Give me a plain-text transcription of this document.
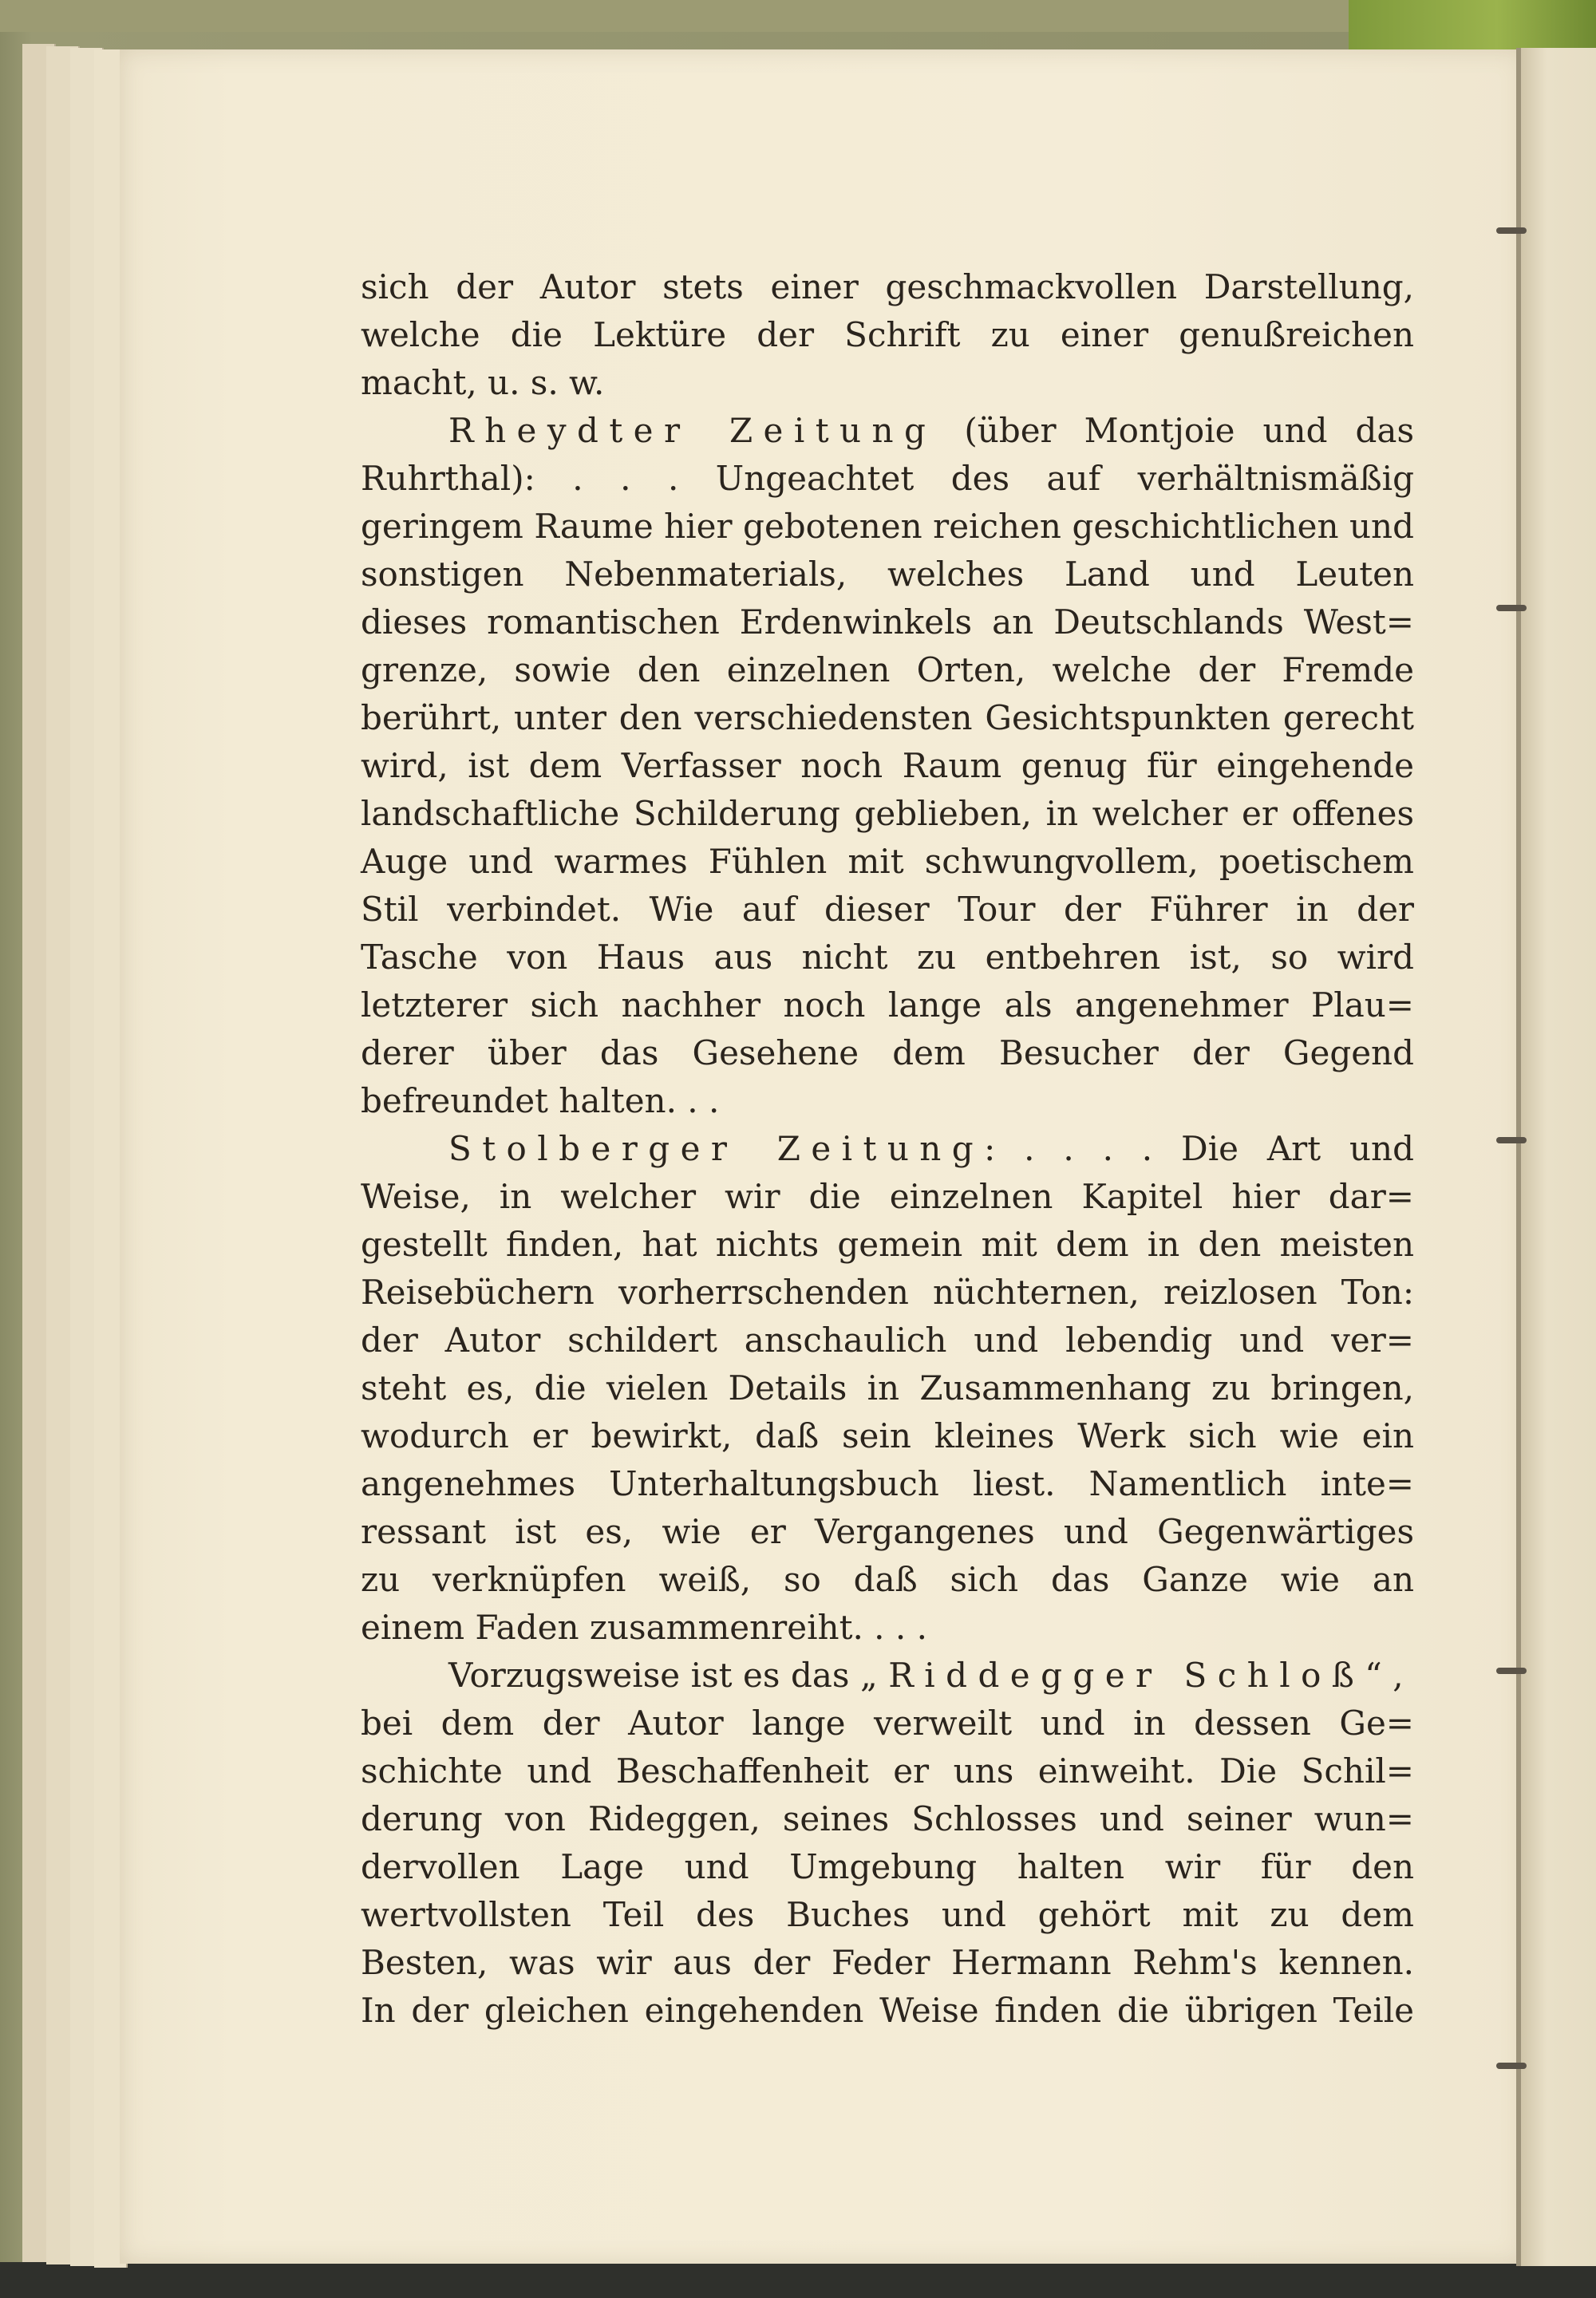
sich der Autor stets einer geschmackvollen Darstellung,
welche die Lektüre der Schrift zu einer genußreichen
macht, u. s. w.
Rheydter Zeitung (über Montjoie und das
Ruhrthal): . . . Ungeachtet des auf verhältnismäßig
geringem Raume hier gebotenen reichen geschichtlichen und
sonstigen Nebenmaterials, welches Land und Leuten
dieses romantischen Erdenwinkels an Deutschlands West=
grenze, sowie den einzelnen Orten, welche der Fremde
berührt, unter den verschiedensten Gesichtspunkten gerecht
wird, ist dem Verfasser noch Raum genug für eingehende
landschaftliche Schilderung geblieben, in welcher er offenes
Auge und warmes Fühlen mit schwungvollem, poetischem
Stil verbindet. Wie auf dieser Tour der Führer in der
Tasche von Haus aus nicht zu entbehren ist, so wird
letzterer sich nachher noch lange als angenehmer Plau=
derer über das Gesehene dem Besucher der Gegend
befreundet halten. . .
Stolberger Zeitung: . . . . Die Art und
Weise, in welcher wir die einzelnen Kapitel hier dar=
gestellt finden, hat nichts gemein mit dem in den meisten
Reisebüchern vorherrschenden nüchternen, reizlosen Ton:
der Autor schildert anschaulich und lebendig und ver=
steht es, die vielen Details in Zusammenhang zu bringen,
wodurch er bewirkt, daß sein kleines Werk sich wie ein
angenehmes Unterhaltungsbuch liest. Namentlich inte=
ressant ist es, wie er Vergangenes und Gegenwärtiges
zu verknüpfen weiß, so daß sich das Ganze wie an
einem Faden zusammenreiht. . . .
Vorzugsweise ist es das „Riddegger Schloß“,
bei dem der Autor lange verweilt und in dessen Ge=
schichte und Beschaffenheit er uns einweiht. Die Schil=
derung von Rideggen, seines Schlosses und seiner wun=
dervollen Lage und Umgebung halten wir für den
wertvollsten Teil des Buches und gehört mit zu dem
Besten, was wir aus der Feder Hermann Rehm's kennen.
In der gleichen eingehenden Weise finden die übrigen Teile
